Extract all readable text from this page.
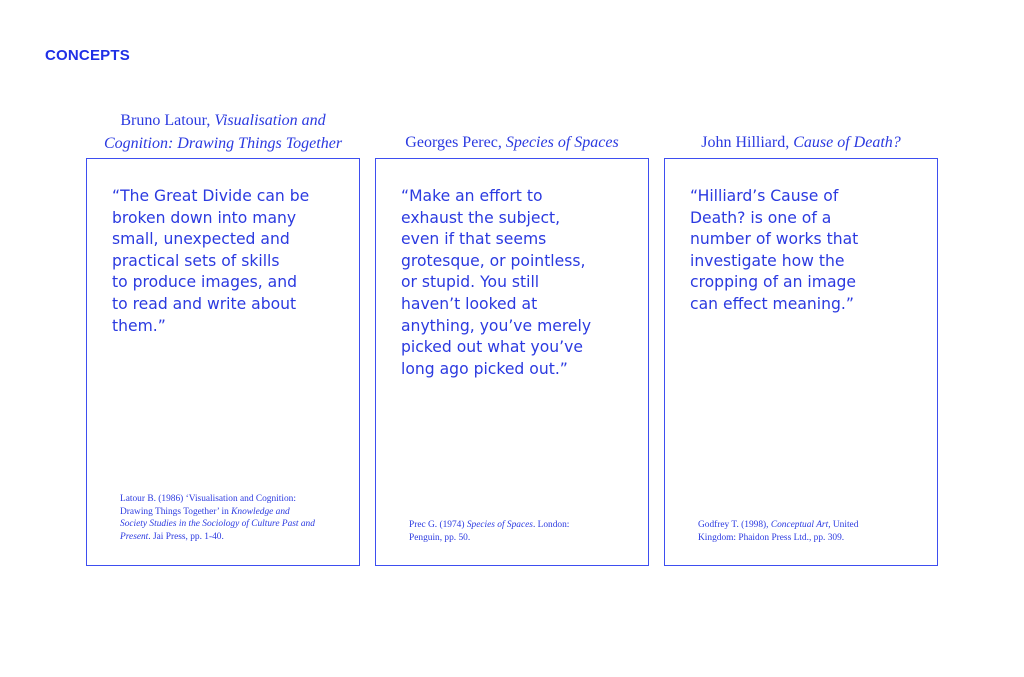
CONCEPTS
Bruno Latour, Visualisation and
Cognition: Drawing Things Together
“The Great Divide can be
broken down into many
small, unexpected and
practical sets of skills
to produce images, and
to read and write about
them.”
Latour B. (1986) ‘Visualisation and Cognition:
Drawing Things Together’ in Knowledge and
Society Studies in the Sociology of Culture Past and
Present. Jai Press, pp. 1-40.
Georges Perec, Species of Spaces
“Make an effort to
exhaust the subject,
even if that seems
grotesque, or pointless,
or stupid. You still
haven’t looked at
anything, you’ve merely
picked out what you’ve
long ago picked out.”
Prec G. (1974) Species of Spaces. London:
Penguin, pp. 50.
John Hilliard, Cause of Death?
“Hilliard’s Cause of
Death? is one of a
number of works that
investigate how the
cropping of an image
can effect meaning.”
Godfrey T. (1998), Conceptual Art, United
Kingdom: Phaidon Press Ltd., pp. 309.
